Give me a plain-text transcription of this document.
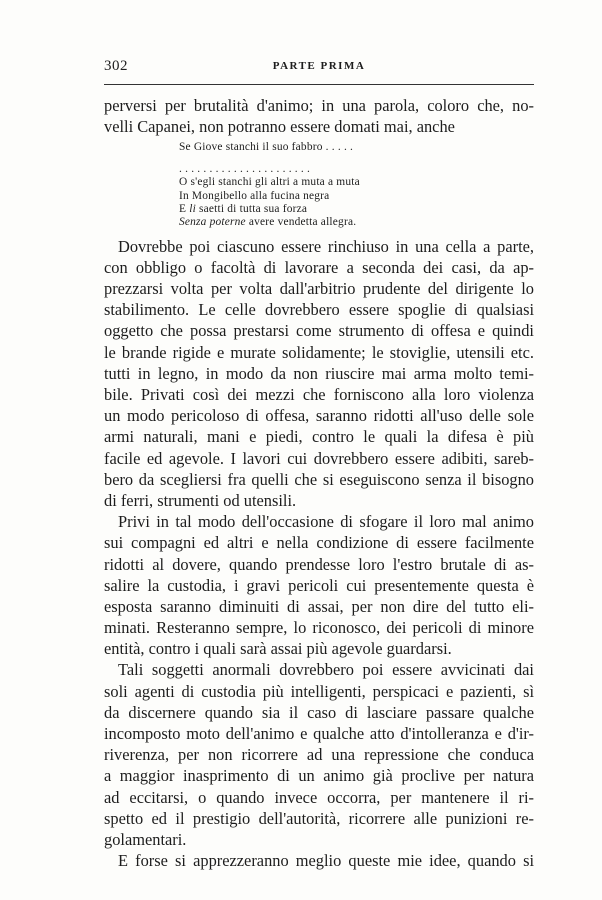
302	PARTE PRIMA
perversi per brutalità d'animo; in una parola, coloro che, no-
velli Capanei, non potranno essere domati mai, anche
Se Giove stanchi il suo fabbro . . . . .
. . . . . . . . . . . . . . . . . . . . . .
O s'egli stanchi gli altri a muta a muta
In Mongibello alla fucina negra
E li saetti di tutta sua forza
Senza poterne avere vendetta allegra.
Dovrebbe poi ciascuno essere rinchiuso in una cella a parte,
con obbligo o facoltà di lavorare a seconda dei casi, da ap-
prezzarsi volta per volta dall'arbitrio prudente del dirigente lo
stabilimento. Le celle dovrebbero essere spoglie di qualsiasi
oggetto che possa prestarsi come strumento di offesa e quindi
le brande rigide e murate solidamente; le stoviglie, utensili etc.
tutti in legno, in modo da non riuscire mai arma molto temi-
bile. Privati così dei mezzi che forniscono alla loro violenza
un modo pericoloso di offesa, saranno ridotti all'uso delle sole
armi naturali, mani e piedi, contro le quali la difesa è più
facile ed agevole. I lavori cui dovrebbero essere adibiti, sareb-
bero da scegliersi fra quelli che si eseguiscono senza il bisogno
di ferri, strumenti od utensili.
Privi in tal modo dell'occasione di sfogare il loro mal animo
sui compagni ed altri e nella condizione di essere facilmente
ridotti al dovere, quando prendesse loro l'estro brutale di as-
salire la custodia, i gravi pericoli cui presentemente questa è
esposta saranno diminuiti di assai, per non dire del tutto eli-
minati. Resteranno sempre, lo riconosco, dei pericoli di minore
entità, contro i quali sarà assai più agevole guardarsi.
Tali soggetti anormali dovrebbero poi essere avvicinati dai
soli agenti di custodia più intelligenti, perspicaci e pazienti, sì
da discernere quando sia il caso di lasciare passare qualche
incomposto moto dell'animo e qualche atto d'intolleranza e d'ir-
riverenza, per non ricorrere ad una repressione che conduca
a maggior inasprimento di un animo già proclive per natura
ad eccitarsi, o quando invece occorra, per mantenere il ri-
spetto ed il prestigio dell'autorità, ricorrere alle punizioni re-
golamentari.
E forse si apprezzeranno meglio queste mie idee, quando si
